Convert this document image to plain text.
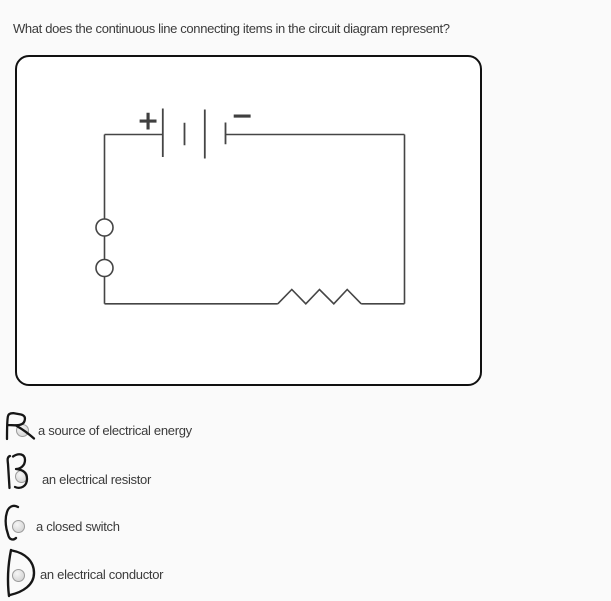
What does the continuous line connecting items in the circuit diagram represent?
+	−
a source of electrical energy
an electrical resistor
a closed switch
an electrical conductor
